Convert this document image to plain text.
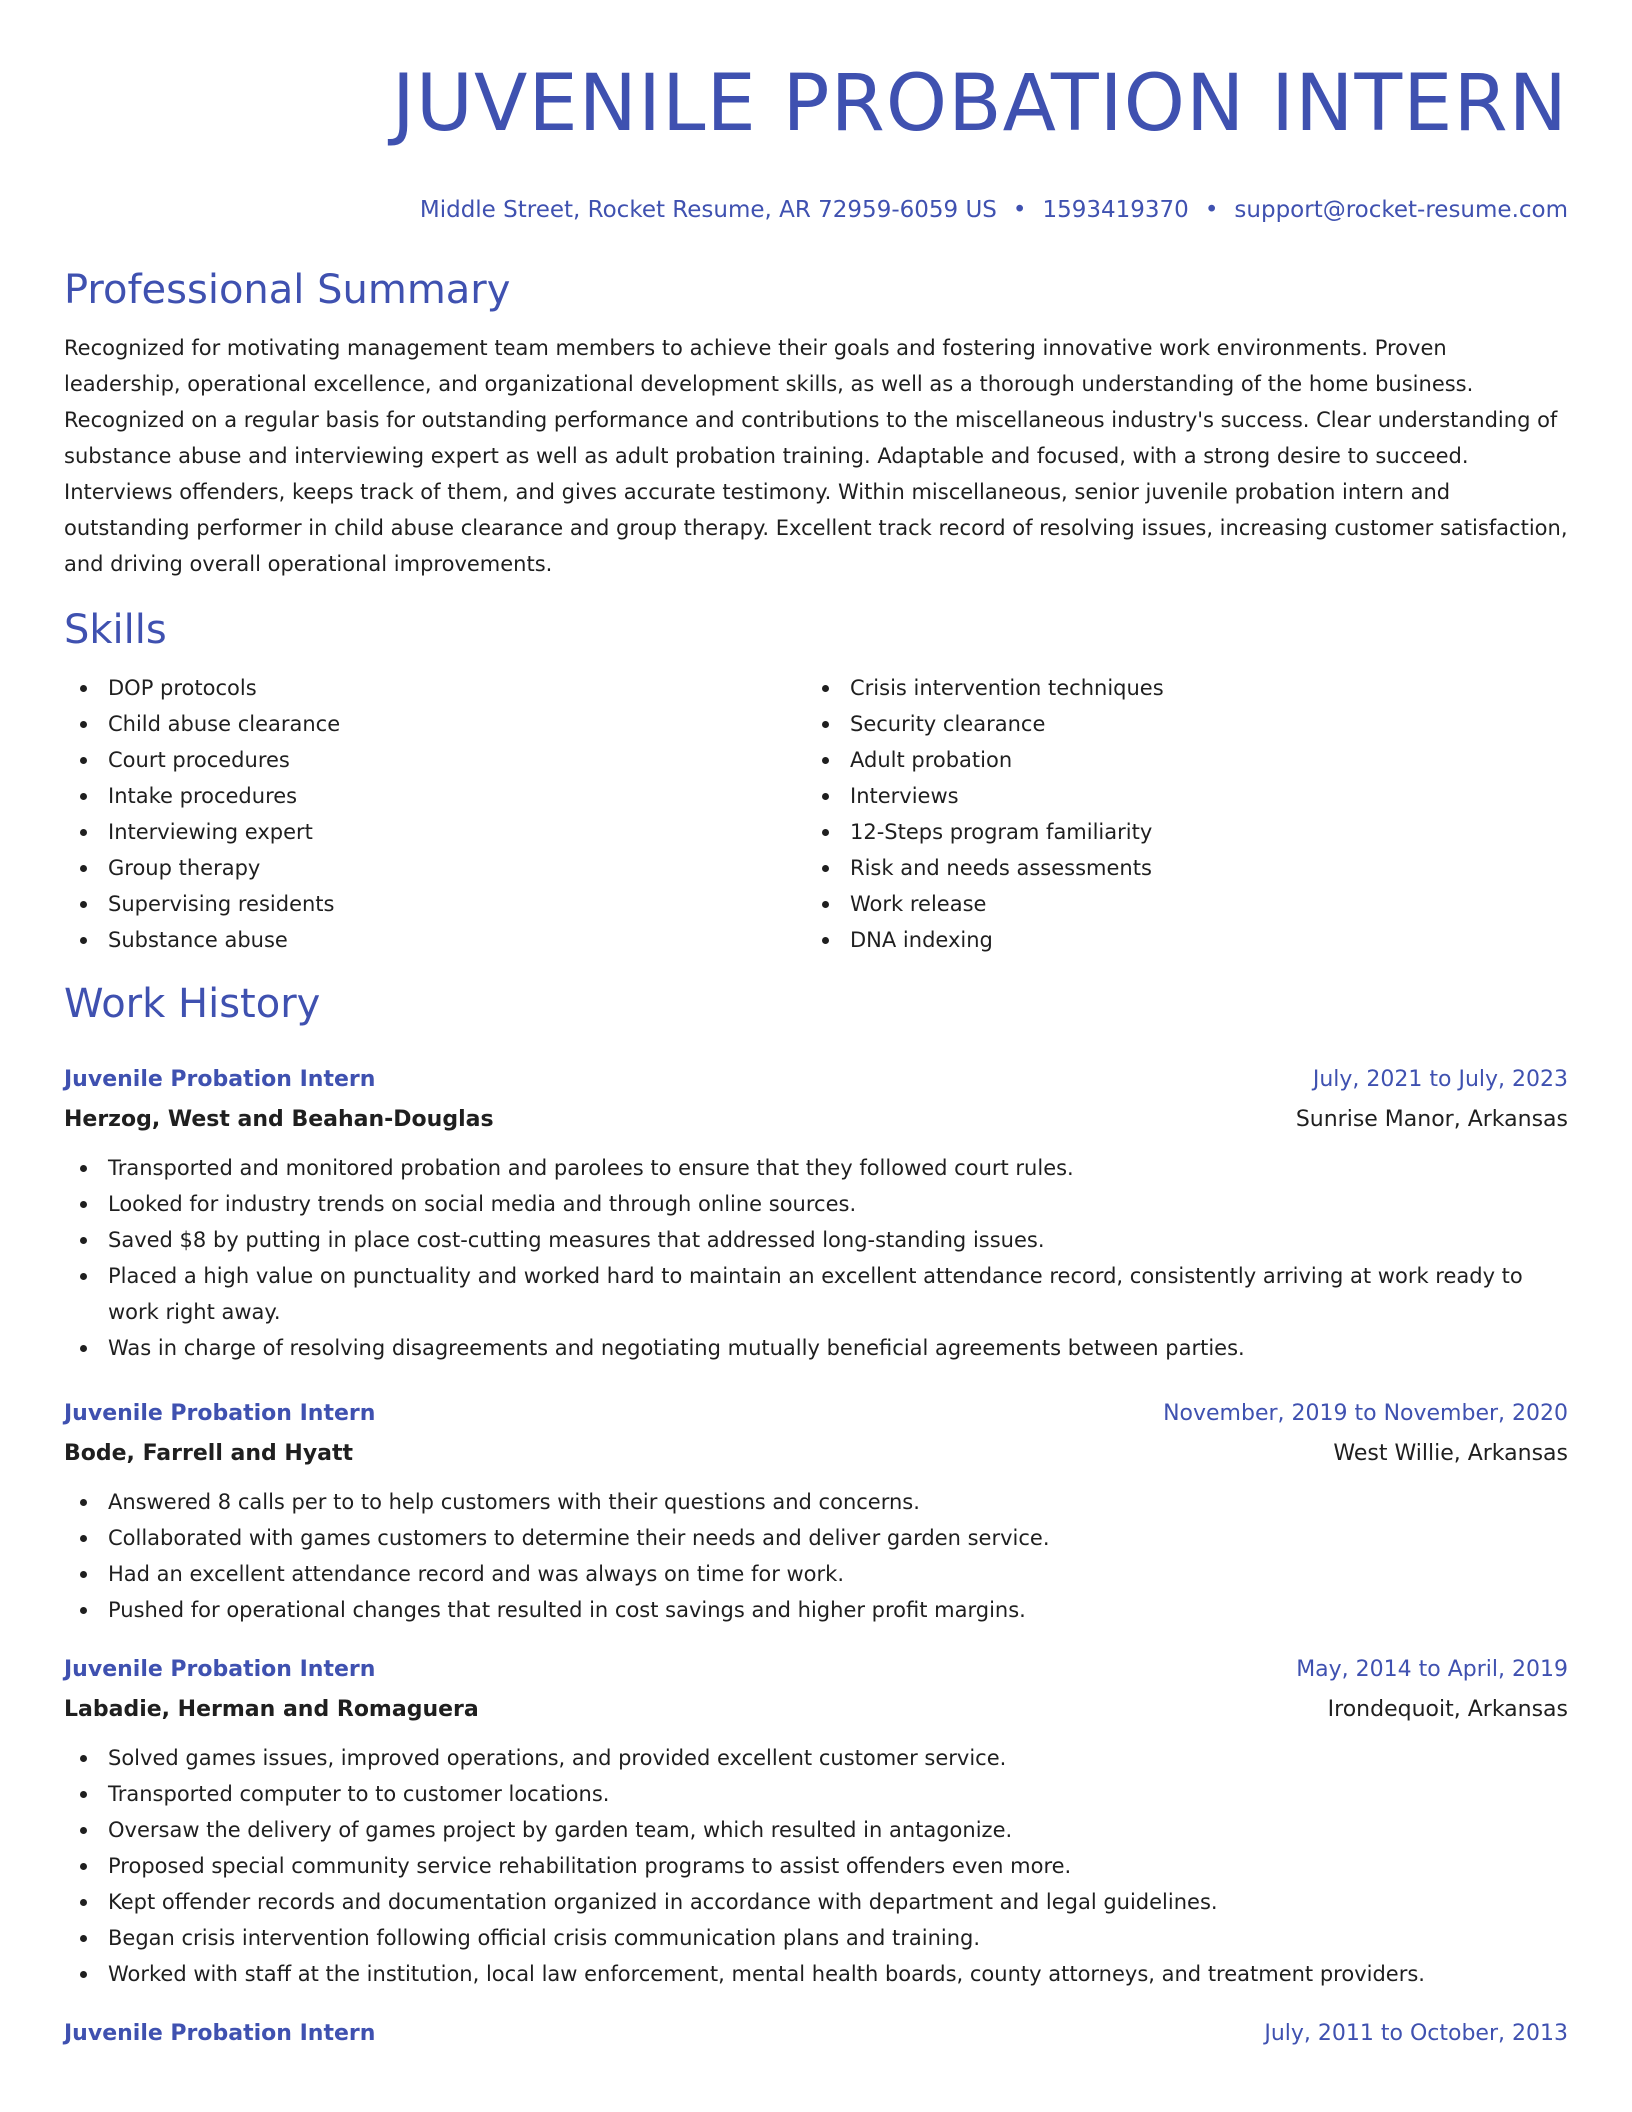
JUVENILE PROBATION INTERN
Middle Street, Rocket Resume, AR 72959-6059 US • 1593419370 • support@rocket-resume.com
Professional Summary
Recognized for motivating management team members to achieve their goals and fostering innovative work environments. Proven leadership, operational excellence, and organizational development skills, as well as a thorough understanding of the home business. Recognized on a regular basis for outstanding performance and contributions to the miscellaneous industry's success. Clear understanding of substance abuse and interviewing expert as well as adult probation training. Adaptable and focused, with a strong desire to succeed. Interviews offenders, keeps track of them, and gives accurate testimony. Within miscellaneous, senior juvenile probation intern and outstanding performer in child abuse clearance and group therapy. Excellent track record of resolving issues, increasing customer satisfaction, and driving overall operational improvements.
Skills
DOP protocols
Child abuse clearance
Court procedures
Intake procedures
Interviewing expert
Group therapy
Supervising residents
Substance abuse
Crisis intervention techniques
Security clearance
Adult probation
Interviews
12-Steps program familiarity
Risk and needs assessments
Work release
DNA indexing
Work History
Juvenile Probation Intern	July, 2021 to July, 2023
Herzog, West and Beahan-Douglas	Sunrise Manor, Arkansas
Transported and monitored probation and parolees to ensure that they followed court rules.
Looked for industry trends on social media and through online sources.
Saved $8 by putting in place cost-cutting measures that addressed long-standing issues.
Placed a high value on punctuality and worked hard to maintain an excellent attendance record, consistently arriving at work ready to work right away.
Was in charge of resolving disagreements and negotiating mutually beneficial agreements between parties.
Juvenile Probation Intern	November, 2019 to November, 2020
Bode, Farrell and Hyatt	West Willie, Arkansas
Answered 8 calls per to to help customers with their questions and concerns.
Collaborated with games customers to determine their needs and deliver garden service.
Had an excellent attendance record and was always on time for work.
Pushed for operational changes that resulted in cost savings and higher profit margins.
Juvenile Probation Intern	May, 2014 to April, 2019
Labadie, Herman and Romaguera	Irondequoit, Arkansas
Solved games issues, improved operations, and provided excellent customer service.
Transported computer to to customer locations.
Oversaw the delivery of games project by garden team, which resulted in antagonize.
Proposed special community service rehabilitation programs to assist offenders even more.
Kept offender records and documentation organized in accordance with department and legal guidelines.
Began crisis intervention following official crisis communication plans and training.
Worked with staff at the institution, local law enforcement, mental health boards, county attorneys, and treatment providers.
Juvenile Probation Intern	July, 2011 to October, 2013
